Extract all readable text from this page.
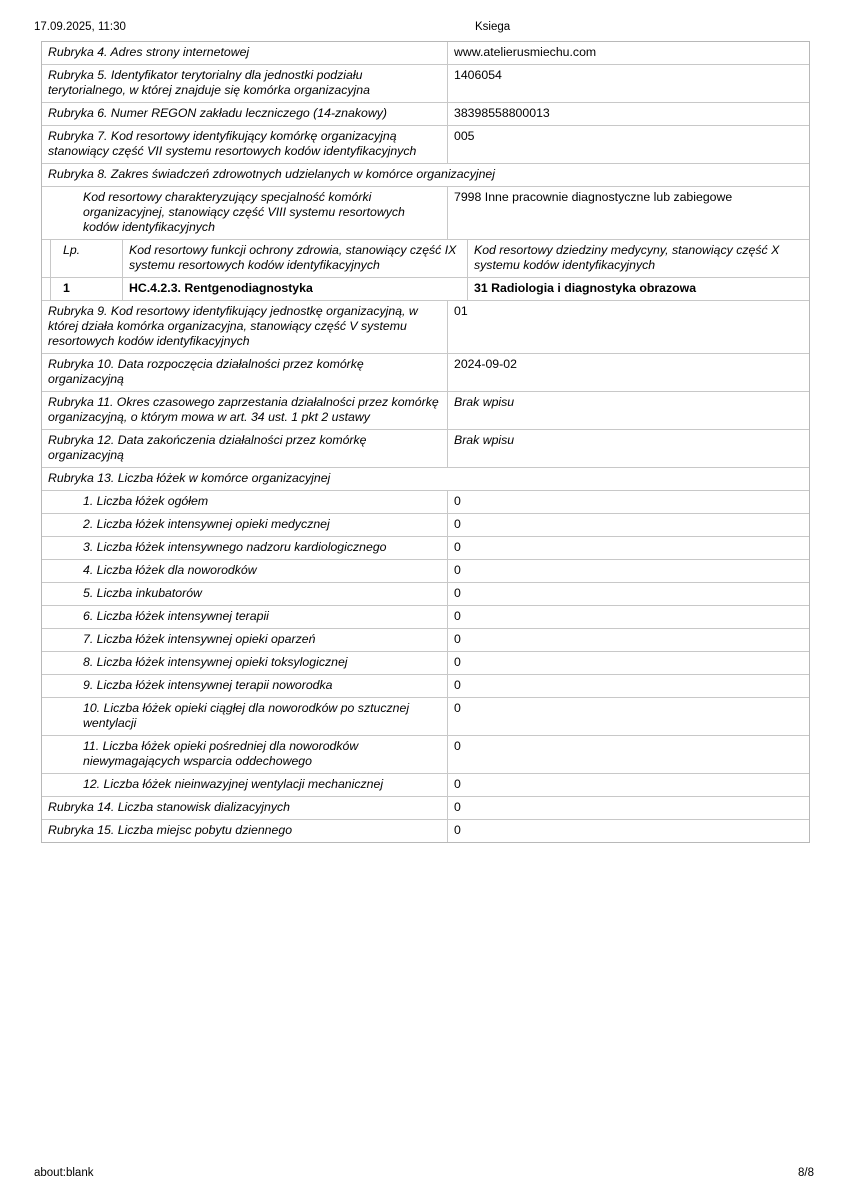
17.09.2025, 11:30	Ksiega
Rubryka 4. Adres strony internetowej	www.atelierusmiechu.com
Rubryka 5. Identyfikator terytorialny dla jednostki podziału terytorialnego, w której znajduje się komórka organizacyjna
1406054
Rubryka 6. Numer REGON zakładu leczniczego (14-znakowy)	38398558800013
Rubryka 7. Kod resortowy identyfikujący komórkę organizacyjną stanowiący część VII systemu resortowych kodów identyfikacyjnych
005
Rubryka 8. Zakres świadczeń zdrowotnych udzielanych w komórce organizacyjnej
Kod resortowy charakteryzujący specjalność komórki organizacyjnej, stanowiący część VIII systemu resortowych kodów identyfikacyjnych
7998 Inne pracownie diagnostyczne lub zabiegowe
Lp.	Kod resortowy funkcji ochrony zdrowia, stanowiący część IX systemu resortowych kodów identyfikacyjnych
Kod resortowy dziedziny medycyny, stanowiący część X systemu kodów identyfikacyjnych
1	HC.4.2.3. Rentgenodiagnostyka	31 Radiologia i diagnostyka obrazowa
Rubryka 9. Kod resortowy identyfikujący jednostkę organizacyjną, w której działa komórka organizacyjna, stanowiący część V systemu resortowych kodów identyfikacyjnych
01
Rubryka 10. Data rozpoczęcia działalności przez komórkę organizacyjną
2024-09-02
Rubryka 11. Okres czasowego zaprzestania działalności przez komórkę organizacyjną, o którym mowa w art. 34 ust. 1 pkt 2 ustawy
Brak wpisu
Rubryka 12. Data zakończenia działalności przez komórkę organizacyjną
Brak wpisu
Rubryka 13. Liczba łóżek w komórce organizacyjnej
1. Liczba łóżek ogółem	0
2. Liczba łóżek intensywnej opieki medycznej	0
3. Liczba łóżek intensywnego nadzoru kardiologicznego	0
4. Liczba łóżek dla noworodków	0
5. Liczba inkubatorów	0
6. Liczba łóżek intensywnej terapii	0
7. Liczba łóżek intensywnej opieki oparzeń	0
8. Liczba łóżek intensywnej opieki toksylogicznej	0
9. Liczba łóżek intensywnej terapii noworodka	0
10. Liczba łóżek opieki ciągłej dla noworodków po sztucznej wentylacji
0
11. Liczba łóżek opieki pośredniej dla noworodków niewymagających wsparcia oddechowego
0
12. Liczba łóżek nieinwazyjnej wentylacji mechanicznej	0
Rubryka 14. Liczba stanowisk dializacyjnych	0
Rubryka 15. Liczba miejsc pobytu dziennego	0
about:blank	8/8
